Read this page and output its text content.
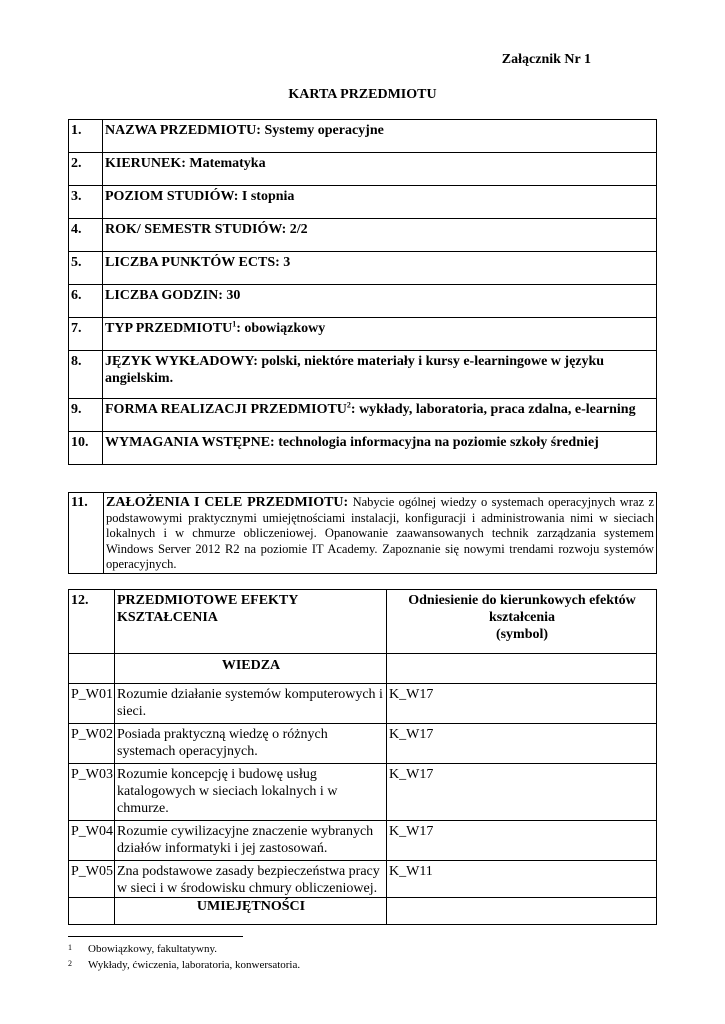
Załącznik Nr 1
KARTA PRZEDMIOTU
1.	NAZWA PRZEDMIOTU: Systemy operacyjne
2.	KIERUNEK: Matematyka
3.	POZIOM STUDIÓW: I stopnia
4.	ROK/ SEMESTR STUDIÓW: 2/2
5.	LICZBA PUNKTÓW ECTS: 3
6.	LICZBA GODZIN: 30
7.	TYP PRZEDMIOTU$^1$: obowiązkowy
8.	JĘZYK WYKŁADOWY: polski, niektóre materiały i kursy e-learningowe w języku angielskim.
9.	FORMA REALIZACJI PRZEDMIOTU$^2$: wykłady, laboratoria, praca zdalna, e-learning
10.	WYMAGANIA WSTĘPNE: technologia informacyjna na poziomie szkoły średniej
11.	ZAŁOŻENIA I CELE PRZEDMIOTU: Nabycie ogólnej wiedzy o systemach operacyjnych wraz z podstawowymi praktycznymi umiejętnościami instalacji, konfiguracji i administrowania nimi w sieciach lokalnych i w chmurze obliczeniowej. Opanowanie zaawansowanych technik zarządzania systemem Windows Server 2012 R2 na poziomie IT Academy. Zapoznanie się nowymi trendami rozwoju systemów operacyjnych.
12.	PRZEDMIOTOWE EFEKTY KSZTAŁCENIA	Odniesienie do kierunkowych efektów
kształcenia
(symbol)

	WIEDZA	
P_W01	Rozumie działanie systemów komputerowych i sieci.	K_W17
P_W02	Posiada praktyczną wiedzę o różnych systemach operacyjnych.	K_W17
P_W03	Rozumie koncepcję i budowę usług katalogowych w sieciach lokalnych i w chmurze.	K_W17
P_W04	Rozumie cywilizacyjne znaczenie wybranych działów informatyki i jej zastosowań.	K_W17
P_W05	Zna podstawowe zasady bezpieczeństwa pracy w sieci i w środowisku chmury obliczeniowej.	K_W11
	UMIEJĘTNOŚCI	
1 Obowiązkowy, fakultatywny.
2 Wykłady, ćwiczenia, laboratoria, konwersatoria.
